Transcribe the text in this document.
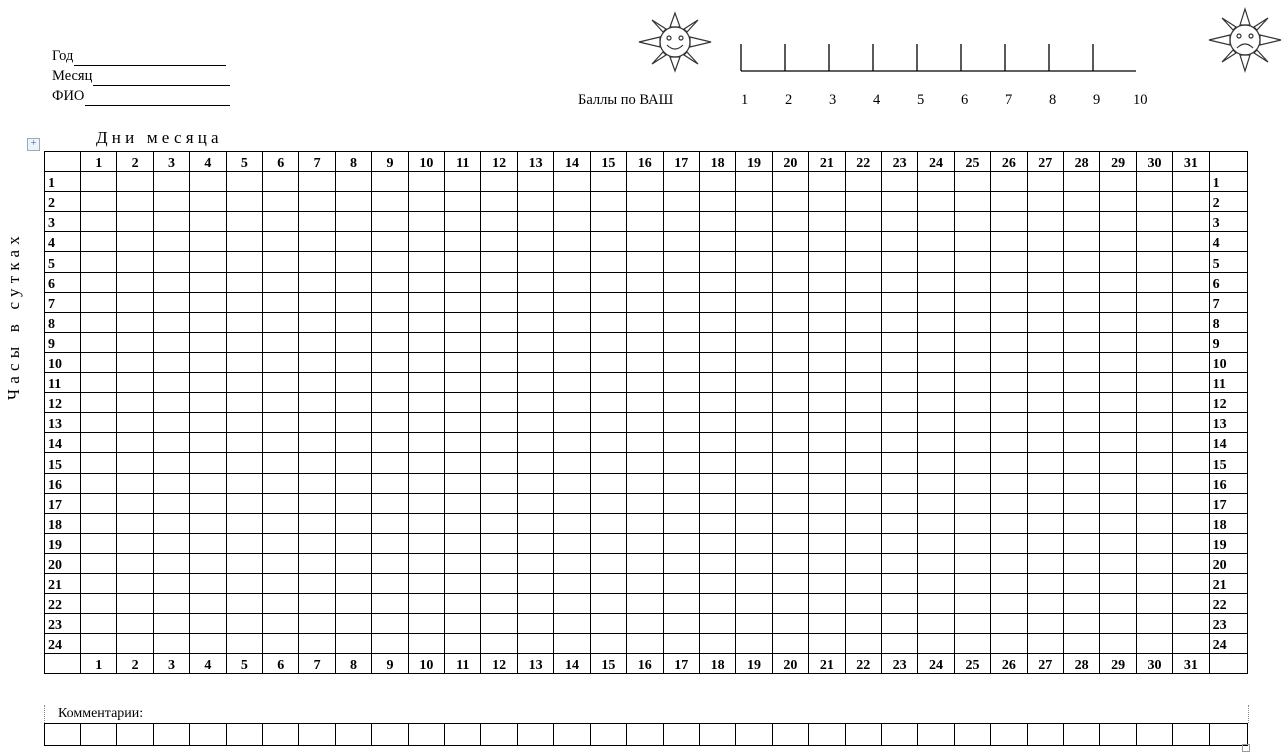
Год
Месяц
ФИО	Баллы по ВАШ	1	2	3	4	5	6	7	8	9 10
+	Дни месяца
Часы в сутках
	1	2	3	4	5	6	7	8	9	10	11	12	13	14	15	16	17	18	19	20	21	22	23	24	25	26	27	28	29	30	31	
1																																1
2																																2
3																																3
4																																4
5																																5
6																																6
7																																7
8																																8
9																																9
10																																10
11																																11
12																																12
13																																13
14																																14
15																																15
16																																16
17																																17
18																																18
19																																19
20																																20
21																																21
22																																22
23																																23
24																																24
	1	2	3	4	5	6	7	8	9	10	11	12	13	14	15	16	17	18	19	20	21	22	23	24	25	26	27	28	29	30	31	
Комментарии:
